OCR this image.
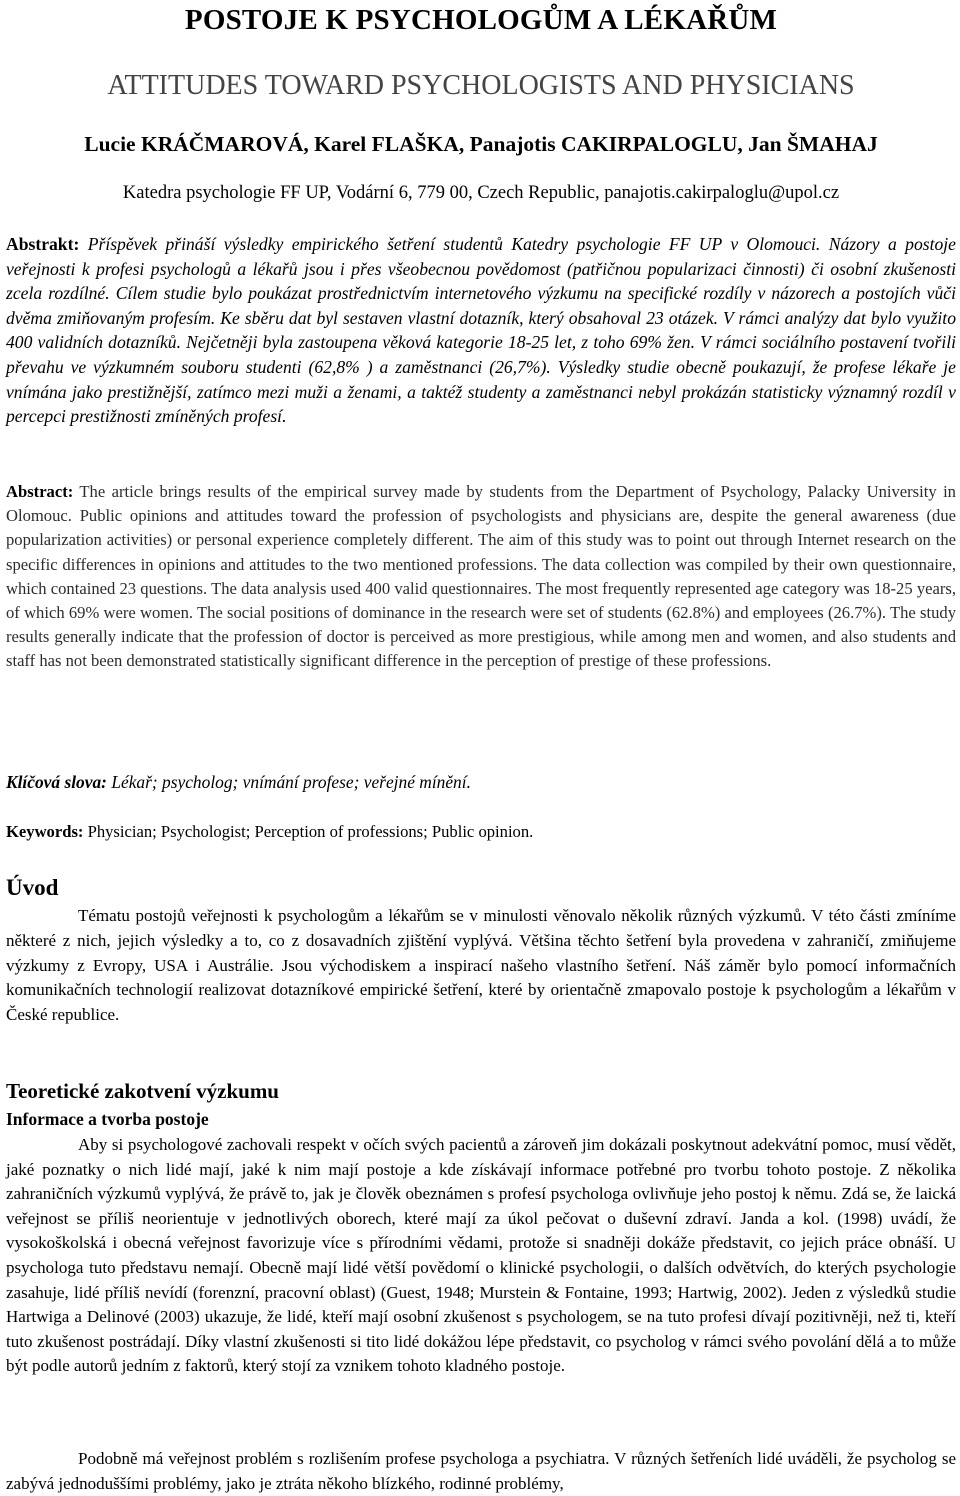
POSTOJE K PSYCHOLOGŮM A LÉKAŘŮM
ATTITUDES TOWARD PSYCHOLOGISTS AND PHYSICIANS
Lucie KRÁČMAROVÁ, Karel FLAŠKA, Panajotis CAKIRPALOGLU, Jan ŠMAHAJ
Katedra psychologie FF UP, Vodární 6, 779 00, Czech Republic, panajotis.cakirpaloglu@upol.cz
Abstrakt: Příspěvek přináší výsledky empirického šetření studentů Katedry psychologie FF UP v Olomouci. Názory a postoje veřejnosti k profesi psychologů a lékařů jsou i přes všeobecnou povědomost (patřičnou popularizaci činnosti) či osobní zkušenosti zcela rozdílné. Cílem studie bylo poukázat prostřednictvím internetového výzkumu na specifické rozdíly v názorech a postojích vůči dvěma zmiňovaným profesím. Ke sběru dat byl sestaven vlastní dotazník, který obsahoval 23 otázek. V rámci analýzy dat bylo využito 400 validních dotazníků. Nejčetněji byla zastoupena věková kategorie 18-25 let, z toho 69% žen. V rámci sociálního postavení tvořili převahu ve výzkumném souboru studenti (62,8% ) a zaměstnanci (26,7%). Výsledky studie obecně poukazují, že profese lékaře je vnímána jako prestižnější, zatímco mezi muži a ženami, a taktéž studenty a zaměstnanci nebyl prokázán statisticky významný rozdíl v percepci prestižnosti zmíněných profesí.
Abstract: The article brings results of the empirical survey made by students from the Department of Psychology, Palacky University in Olomouc. Public opinions and attitudes toward the profession of psychologists and physicians are, despite the general awareness (due popularization activities) or personal experience completely different. The aim of this study was to point out through Internet research on the specific differences in opinions and attitudes to the two mentioned professions. The data collection was compiled by their own questionnaire, which contained 23 questions. The data analysis used 400 valid questionnaires. The most frequently represented age category was 18-25 years, of which 69% were women. The social positions of dominance in the research were set of students (62.8%) and employees (26.7%). The study results generally indicate that the profession of doctor is perceived as more prestigious, while among men and women, and also students and staff has not been demonstrated statistically significant difference in the perception of prestige of these professions.
Klíčová slova: Lékař; psycholog; vnímání profese; veřejné mínění.
Keywords: Physician; Psychologist; Perception of professions; Public opinion.
Úvod
Tématu postojů veřejnosti k psychologům a lékařům se v minulosti věnovalo několik různých výzkumů. V této části zmíníme některé z nich, jejich výsledky a to, co z dosavadních zjištění vyplývá. Většina těchto šetření byla provedena v zahraničí, zmiňujeme výzkumy z Evropy, USA i Austrálie. Jsou východiskem a inspirací našeho vlastního šetření. Náš záměr bylo pomocí informačních komunikačních technologií realizovat dotazníkové empirické šetření, které by orientačně zmapovalo postoje k psychologům a lékařům v České republice.
Teoretické zakotvení výzkumu
Informace a tvorba postoje
Aby si psychologové zachovali respekt v očích svých pacientů a zároveň jim dokázali poskytnout adekvátní pomoc, musí vědět, jaké poznatky o nich lidé mají, jaké k nim mají postoje a kde získávají informace potřebné pro tvorbu tohoto postoje. Z několika zahraničních výzkumů vyplývá, že právě to, jak je člověk obeznámen s profesí psychologa ovlivňuje jeho postoj k němu. Zdá se, že laická veřejnost se příliš neorientuje v jednotlivých oborech, které mají za úkol pečovat o duševní zdraví. Janda a kol. (1998) uvádí, že vysokoškolská i obecná veřejnost favorizuje více s přírodními vědami, protože si snadněji dokáže představit, co jejich práce obnáší. U psychologa tuto představu nemají. Obecně mají lidé větší povědomí o klinické psychologii, o dalších odvětvích, do kterých psychologie zasahuje, lidé příliš nevídí (forenzní, pracovní oblast) (Guest, 1948; Murstein & Fontaine, 1993; Hartwig, 2002). Jeden z výsledků studie Hartwiga a Delinové (2003) ukazuje, že lidé, kteří mají osobní zkušenost s psychologem, se na tuto profesi dívají pozitivněji, než ti, kteří tuto zkušenost postrádají. Díky vlastní zkušenosti si tito lidé dokážou lépe představit, co psycholog v rámci svého povolání dělá a to může být podle autorů jedním z faktorů, který stojí za vznikem tohoto kladného postoje.
Podobně má veřejnost problém s rozlišením profese psychologa a psychiatra. V různých šetřeních lidé uváděli, že psycholog se zabývá jednoduššími problémy, jako je ztráta někoho blízkého, rodinné problémy,
